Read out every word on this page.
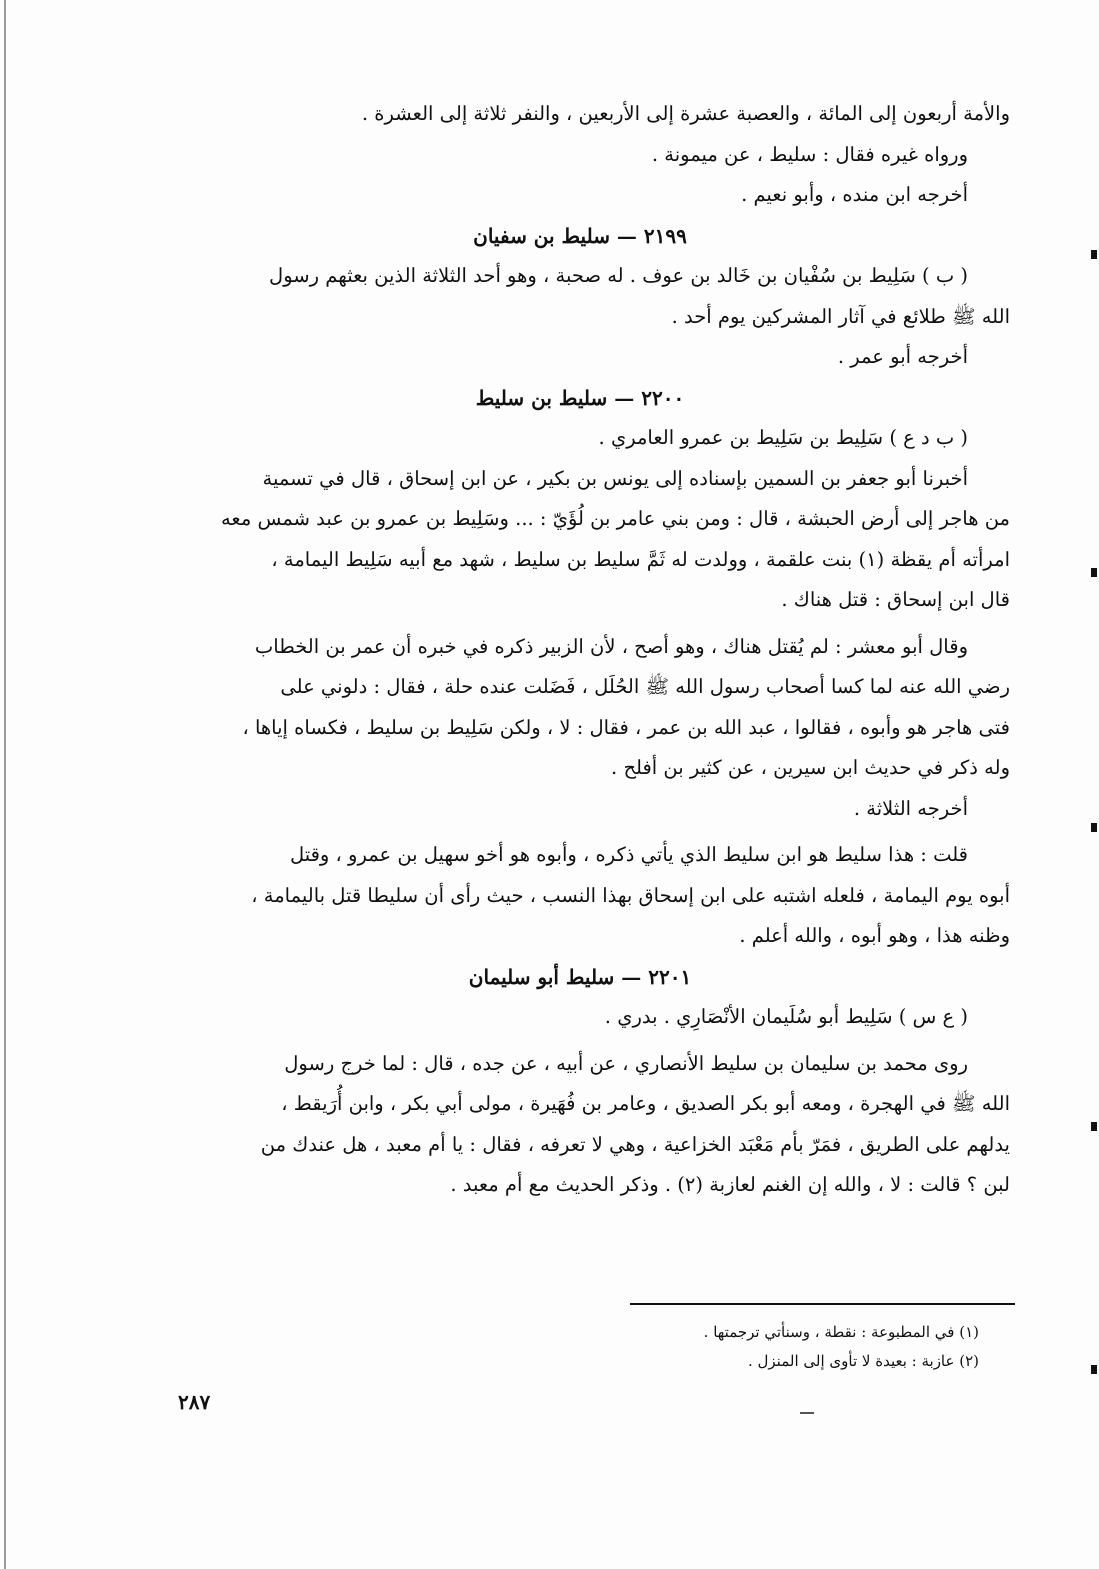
والأمة أربعون إلى المائة ، والعصبة عشرة إلى الأربعين ، والنفر ثلاثة إلى العشرة .
ورواه غيره فقال : سليط ، عن ميمونة .
أخرجه ابن منده ، وأبو نعيم .
٢١٩٩ — سليط بن سفيان
( ب ) سَلِيط بن سُفْيان بن خَالد بن عوف . له صحبة ، وهو أحد الثلاثة الذين بعثهم رسول
الله ﷺ طلائع في آثار المشركين يوم أحد .
أخرجه أبو عمر .
٢٢٠٠ — سليط بن سليط
( ب د ع ) سَلِيط بن سَلِيط بن عمرو العامري .
أخبرنا أبو جعفر بن السمين بإسناده إلى يونس بن بكير ، عن ابن إسحاق ، قال في تسمية
من هاجر إلى أرض الحبشة ، قال : ومن بني عامر بن لُؤَيّ : ... وسَلِيط بن عمرو بن عبد شمس معه
امرأته أم يقظة (١) بنت علقمة ، وولدت له ثَمَّ سليط بن سليط ، شهد مع أبيه سَلِيط اليمامة ،
قال ابن إسحاق : قتل هناك .
وقال أبو معشر : لم يُقتل هناك ، وهو أصح ، لأن الزبير ذكره في خبره أن عمر بن الخطاب
رضي الله عنه لما كسا أصحاب رسول الله ﷺ الحُلَل ، فَضَلت عنده حلة ، فقال : دلوني على
فتى هاجر هو وأبوه ، فقالوا ، عبد الله بن عمر ، فقال : لا ، ولكن سَلِيط بن سليط ، فكساه إياها ،
وله ذكر في حديث ابن سيرين ، عن كثير بن أفلح .
أخرجه الثلاثة .
قلت : هذا سليط هو ابن سليط الذي يأتي ذكره ، وأبوه هو أخو سهيل بن عمرو ، وقتل
أبوه يوم اليمامة ، فلعله اشتبه على ابن إسحاق بهذا النسب ، حيث رأى أن سليطا قتل باليمامة ،
وظنه هذا ، وهو أبوه ، والله أعلم .
٢٢٠١ — سليط أبو سليمان
( ع س ) سَلِيط أبو سُلَيمان الأنْصَارِي . بدري .
روى محمد بن سليمان بن سليط الأنصاري ، عن أبيه ، عن جده ، قال : لما خرج رسول
الله ﷺ في الهجرة ، ومعه أبو بكر الصديق ، وعامر بن فُهَيرة ، مولى أبي بكر ، وابن أُرَيقط ،
يدلهم على الطريق ، فمَرّ بأم مَعْبَد الخزاعية ، وهي لا تعرفه ، فقال : يا أم معبد ، هل عندك من
لبن ؟ قالت : لا ، والله إن الغنم لعازبة (٢) . وذكر الحديث مع أم معبد .
(١) في المطبوعة : نقطة ، وسنأتي ترجمتها .
(٢) عازبة : بعيدة لا تأوى إلى المنزل .
٢٨٧
